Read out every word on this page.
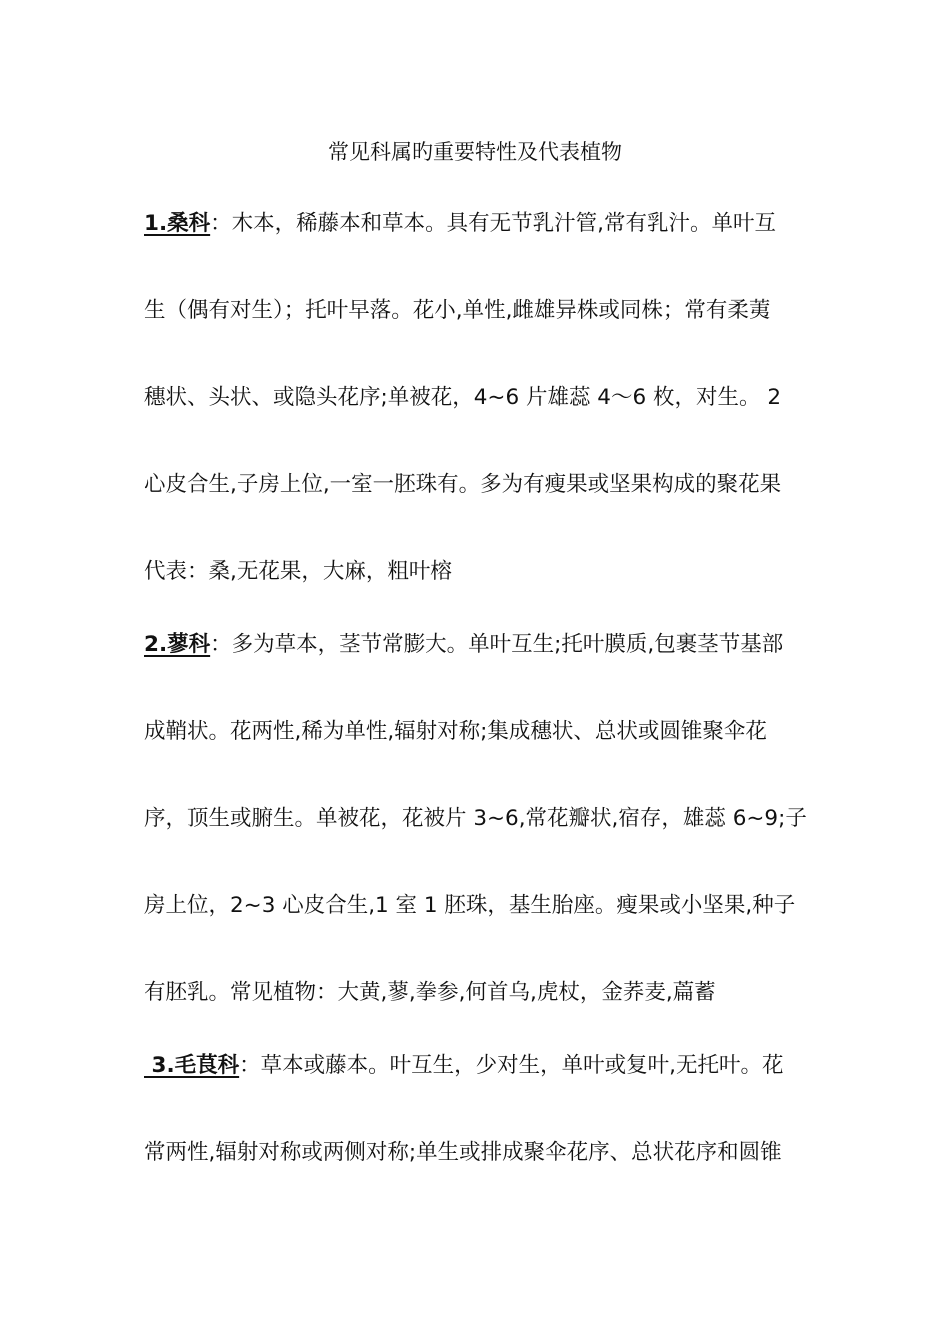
常见科属旳重要特性及代表植物
1.桑科：木本，稀藤本和草本。具有无节乳汁管,常有乳汁。单叶互
生（偶有对生）；托叶早落。花小,单性,雌雄异株或同株；常有柔荑
穗状、头状、或隐头花序;单被花，4~6 片雄蕊 4～6 枚，对生。 2
心皮合生,子房上位,一室一胚珠有。多为有瘦果或坚果构成的聚花果
代表：桑,无花果，大麻，粗叶榕
2.蓼科：多为草本，茎节常膨大。单叶互生;托叶膜质,包裹茎节基部
成鞘状。花两性,稀为单性,辐射对称;集成穗状、总状或圆锥聚伞花
序，顶生或腑生。单被花，花被片 3~6,常花瓣状,宿存，雄蕊 6~9;子
房上位，2~3 心皮合生,1 室 1 胚珠，基生胎座。瘦果或小坚果,种子
有胚乳。常见植物：大黄,蓼,拳参,何首乌,虎杖，金荞麦,萹蓄
3.毛茛科：草本或藤本。叶互生，少对生，单叶或复叶,无托叶。花
常两性,辐射对称或两侧对称;单生或排成聚伞花序、总状花序和圆锥
